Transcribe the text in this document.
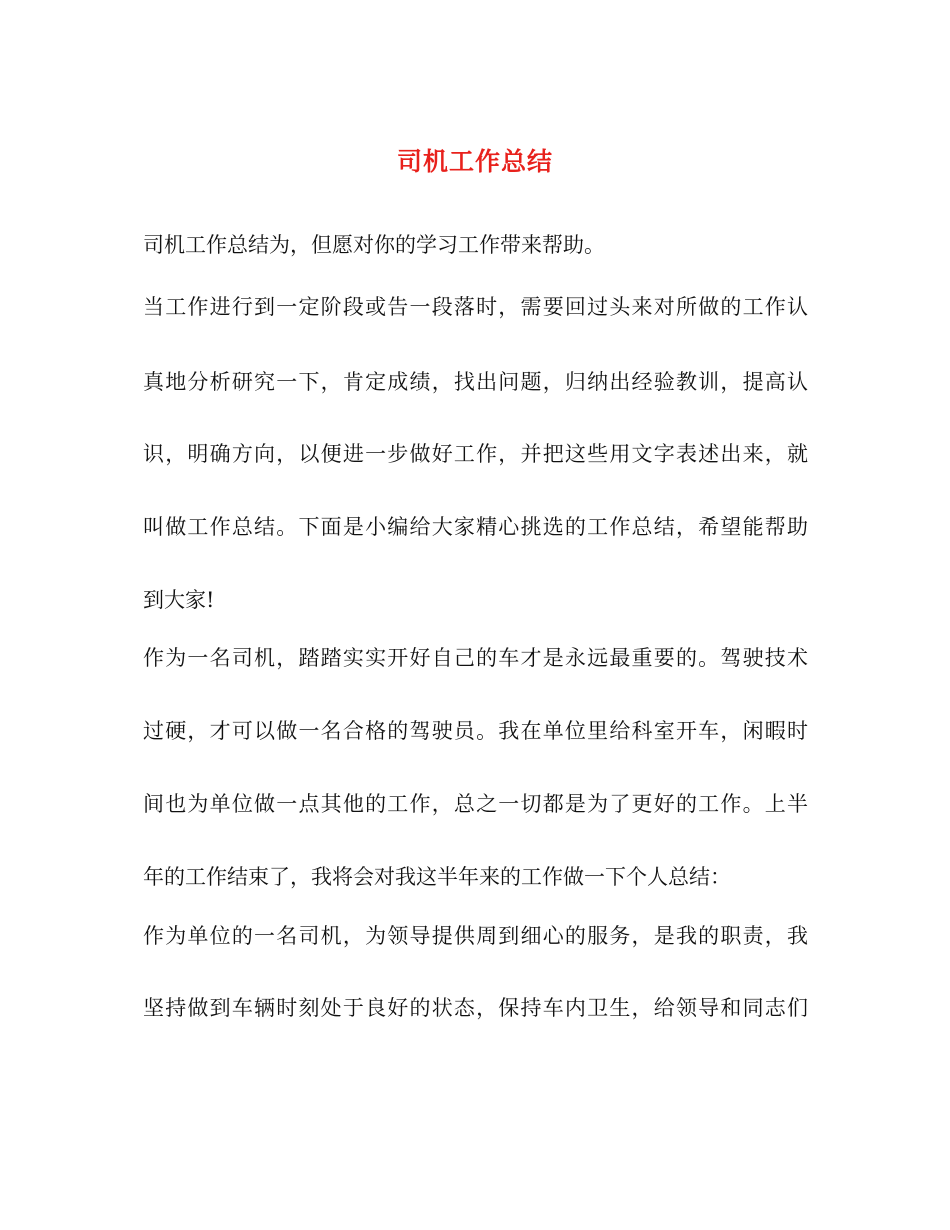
司机工作总结

司机工作总结为，但愿对你的学习工作带来帮助。

当工作进行到一定阶段或告一段落时，需要回过头来对所做的工作认

真地分析研究一下，肯定成绩，找出问题，归纳出经验教训，提高认

识，明确方向，以便进一步做好工作，并把这些用文字表述出来，就

叫做工作总结。下面是小编给大家精心挑选的工作总结，希望能帮助

到大家!

作为一名司机，踏踏实实开好自己的车才是永远最重要的。驾驶技术

过硬，才可以做一名合格的驾驶员。我在单位里给科室开车，闲暇时

间也为单位做一点其他的工作，总之一切都是为了更好的工作。上半

年的工作结束了，我将会对我这半年来的工作做一下个人总结：

作为单位的一名司机，为领导提供周到细心的服务，是我的职责，我

坚持做到车辆时刻处于良好的状态，保持车内卫生，给领导和同志们
